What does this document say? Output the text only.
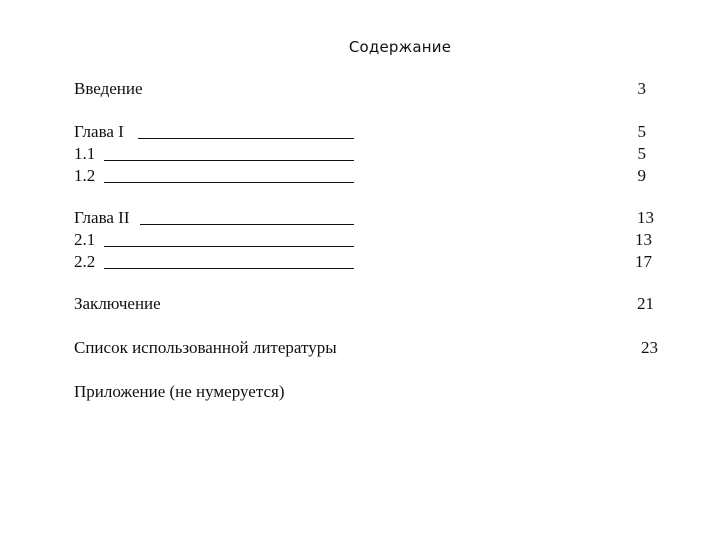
Содержание
Введение	3
Глава I	5
1.1	5
1.2	9
Глава II	13
2.1	13
2.2	17
Заключение	21
Список использованной литературы	23
Приложение (не нумеруется)
